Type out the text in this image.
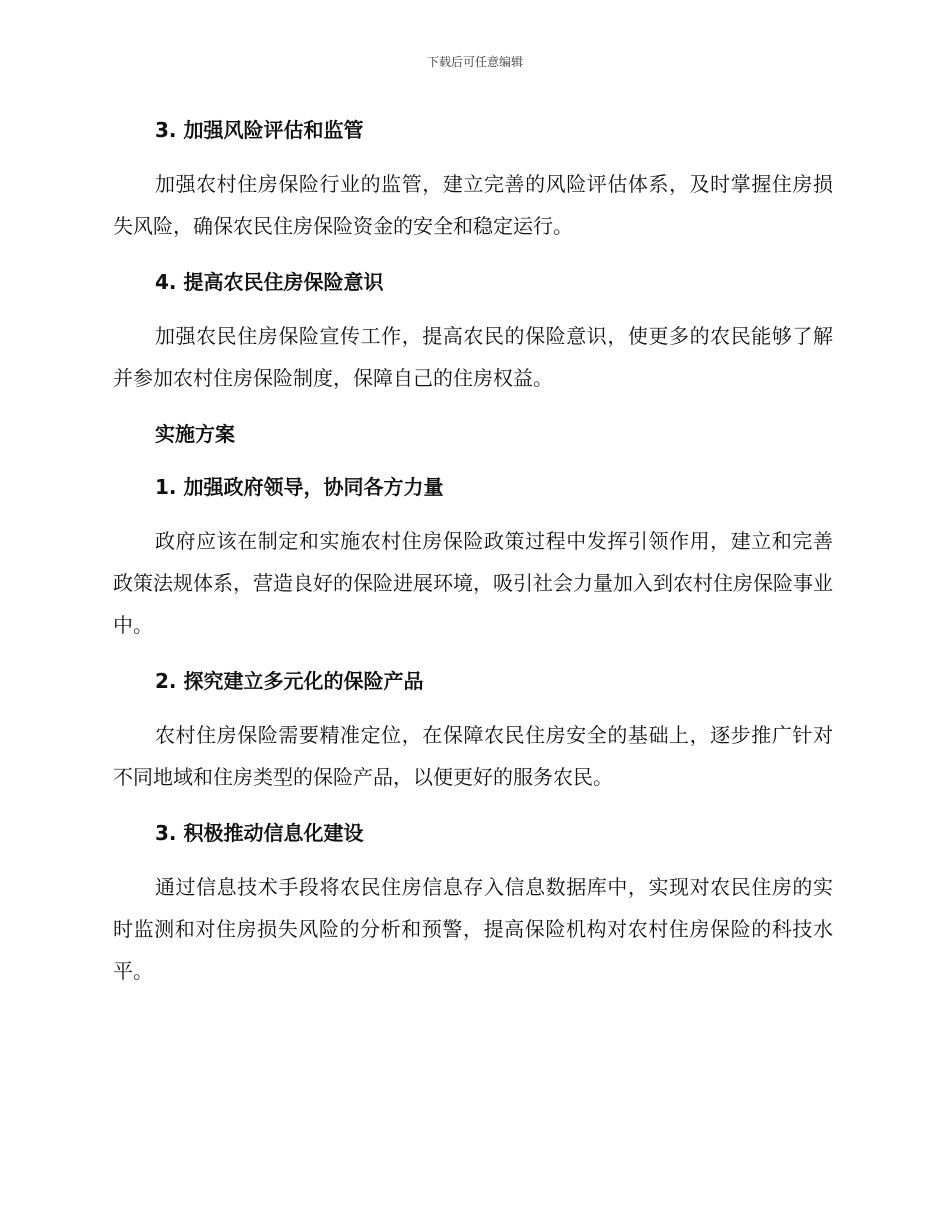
下载后可任意编辑
3. 加强风险评估和监管

加强农村住房保险行业的监管，建立完善的风险评估体系，及时掌握住房损失风险，确保农民住房保险资金的安全和稳定运行。

4. 提高农民住房保险意识

加强农民住房保险宣传工作，提高农民的保险意识，使更多的农民能够了解并参加农村住房保险制度，保障自己的住房权益。

实施方案
1. 加强政府领导，协同各方力量

政府应该在制定和实施农村住房保险政策过程中发挥引领作用，建立和完善政策法规体系，营造良好的保险进展环境，吸引社会力量加入到农村住房保险事业中。

2. 探究建立多元化的保险产品

农村住房保险需要精准定位，在保障农民住房安全的基础上，逐步推广针对不同地域和住房类型的保险产品，以便更好的服务农民。

3. 积极推动信息化建设

通过信息技术手段将农民住房信息存入信息数据库中，实现对农民住房的实时监测和对住房损失风险的分析和预警，提高保险机构对农村住房保险的科技水平。
